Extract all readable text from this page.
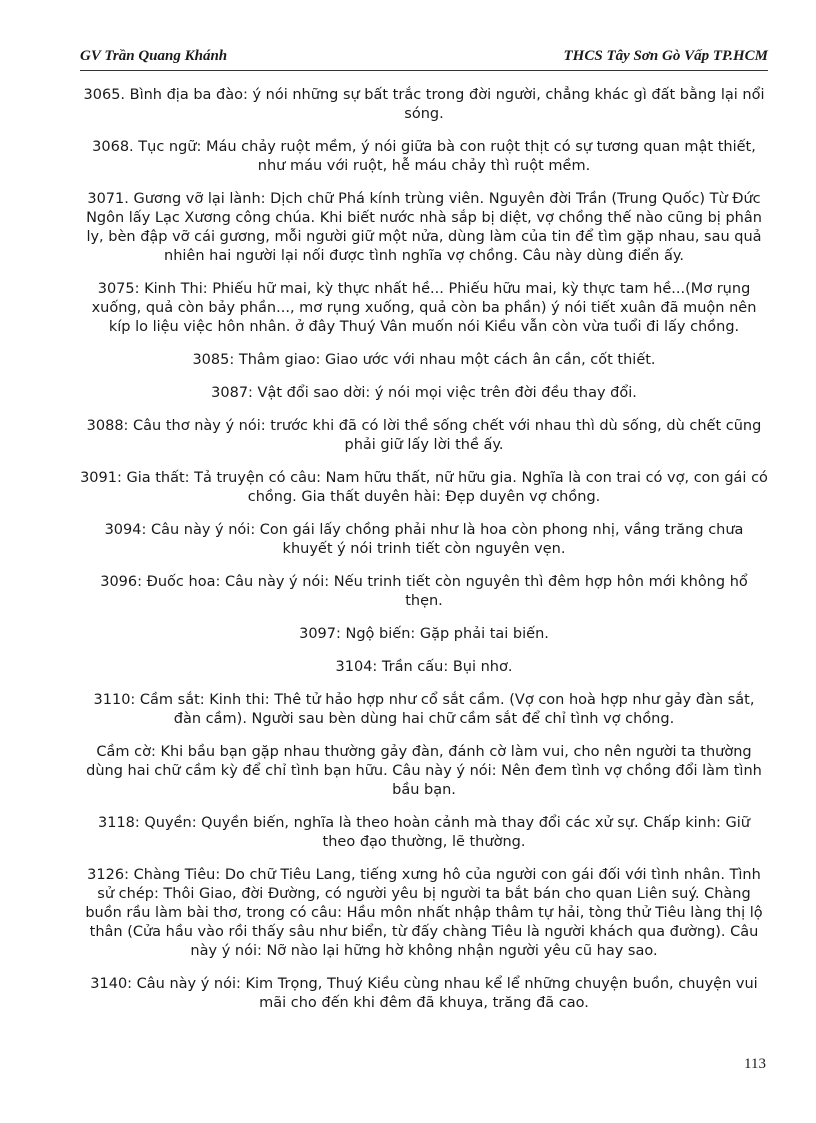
GV Trần Quang Khánh	THCS Tây Sơn Gò Vấp TP.HCM

3065. Bình địa ba đào: ý nói những sự bất trắc trong đời người, chẳng khác gì đất bằng lại nổi sóng.

3068. Tục ngữ: Máu chảy ruột mềm, ý nói giữa bà con ruột thịt có sự tương quan mật thiết, như máu với ruột, hễ máu chảy thì ruột mềm.

3071. Gương vỡ lại lành: Dịch chữ Phá kính trùng viên. Nguyên đời Trần (Trung Quốc) Từ Đức Ngôn lấy Lạc Xương công chúa. Khi biết nước nhà sắp bị diệt, vợ chồng thế nào cũng bị phân ly, bèn đập vỡ cái gương, mỗi người giữ một nửa, dùng làm của tin để tìm gặp nhau, sau quả nhiên hai người lại nối được tình nghĩa vợ chồng. Câu này dùng điển ấy.

3075: Kinh Thi: Phiếu hữ mai, kỳ thực nhất hề... Phiếu hữu mai, kỳ thực tam hề...(Mơ rụng xuống, quả còn bảy phần..., mơ rụng xuống, quả còn ba phần) ý nói tiết xuân đã muộn nên kíp lo liệu việc hôn nhân. ở đây Thuý Vân muốn nói Kiều vẫn còn vừa tuổi đi lấy chồng.

3085: Thâm giao: Giao ước với nhau một cách ân cần, cốt thiết.

3087: Vật đổi sao dời: ý nói mọi việc trên đời đều thay đổi.

3088: Câu thơ này ý nói: trước khi đã có lời thề sống chết với nhau thì dù sống, dù chết cũng phải giữ lấy lời thề ấy.

3091: Gia thất: Tả truyện có câu: Nam hữu thất, nữ hữu gia. Nghĩa là con trai có vợ, con gái có chồng. Gia thất duyên hài: Đẹp duyên vợ chồng.

3094: Câu này ý nói: Con gái lấy chồng phải như là hoa còn phong nhị, vầng trăng chưa khuyết ý nói trinh tiết còn nguyên vẹn.

3096: Đuốc hoa: Câu này ý nói: Nếu trinh tiết còn nguyên thì đêm hợp hôn mới không hổ thẹn.

3097: Ngộ biến: Gặp phải tai biến.

3104: Trần cấu: Bụi nhơ.

3110: Cầm sắt: Kinh thi: Thê tử hảo hợp như cổ sắt cầm. (Vợ con hoà hợp như gảy đàn sắt, đàn cầm). Người sau bèn dùng hai chữ cầm sắt để chỉ tình vợ chồng.

Cầm cờ: Khi bầu bạn gặp nhau thường gảy đàn, đánh cờ làm vui, cho nên người ta thường dùng hai chữ cầm kỳ để chỉ tình bạn hữu. Câu này ý nói: Nên đem tình vợ chồng đổi làm tình bầu bạn.

3118: Quyền: Quyền biến, nghĩa là theo hoàn cảnh mà thay đổi các xử sự. Chấp kinh: Giữ theo đạo thường, lẽ thường.

3126: Chàng Tiêu: Do chữ Tiêu Lang, tiếng xưng hô của người con gái đối với tình nhân. Tình sử chép: Thôi Giao, đời Đường, có người yêu bị người ta bắt bán cho quan Liên suý. Chàng buồn rầu làm bài thơ, trong có câu: Hầu môn nhất nhập thâm tự hải, tòng thử Tiêu làng thị lộ thân (Cửa hầu vào rồi thấy sâu như biển, từ đấy chàng Tiêu là người khách qua đường). Câu này ý nói: Nỡ nào lại hững hờ không nhận người yêu cũ hay sao.

3140: Câu này ý nói: Kim Trọng, Thuý Kiều cùng nhau kể lể những chuyện buồn, chuyện vui mãi cho đến khi đêm đã khuya, trăng đã cao.

113
